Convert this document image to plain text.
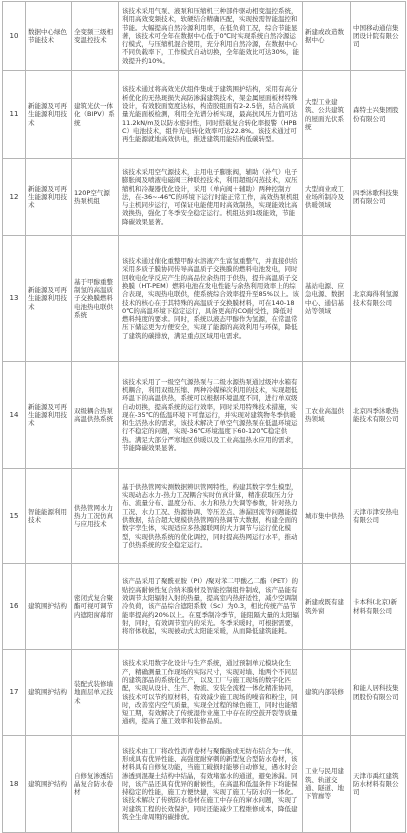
10	数据中心绿色节能技术	全变频三级相变温控技术	该技术采用气泵、液泵和压缩机三种部件驱动相变温控系统，利用高效变频技术，软硬结合精确匹配，实现按需智能温控和节能。大幅提高自然冷源利用率，在低负荷工况，综合节能显著，该技术可全年在数据中心低于0℃时实现系统自然冷源运行模式，与压缩机混合使用，充分利用自然冷源，在数据中心不同负载率下，工作模式自动切换，全年能效比可达30%，能效提升约10%。	新建或改造数据中心	中国移动通信集团设计院有限公司
11	新能源及可再生能源利用技术	建筑光伏一体化（BIPV）系统	该技术通过将高效光伏组件集成于建筑围护结构，采用有高分析优化的无热斑损失高防渗漏建筑技术，架金属屋面板材特殊设计，有效胶面宽度达标，构造胶组面有2-2.5倍，结合高质量光能面板检测，利用全光谱分析实现，最高抗风压力值可达11.2kN/m及以防水密封性，同时搭载复合转化率报警（HPBC）电池技术，组件光电转化效率可达22.8%。该技术通过可再生能源就地高效供电，推进建筑用能结构低碳转型。	大型工业建筑、公共建筑的屋面光伏系统	森特士兴集团股份有限公司
12	新能源及可再生能源利用技术	120P空气源热泵机组	该技术采用空气源技术，主用电子膨胀阀，辅助（补气）电子膨胀阀及喷液电磁阀三种联控技术，利用超级闪蒸技术，双压缩机和冷凝器优化设计，采用（单向阀＋辅助）两种控制方法，在-36~-46℃的环境下运行时能正常工作，高效热泵机组与主机同步运行，可保证电能使用时高效制热，实现能效比高效换热，强化了冬季安全稳定运行。机组达到1级能效，节能降碳效果显著。	大型商业或工业场所制冷及供暖领域	四季沐歌科技集团有限公司
13	新能源及可再生能源利用技术	基于甲醇重整制氢的高温质子交换膜燃料电池热电联供系统	该技术通过催化重整甲醇水溶液产生富氢重整气，并直接供给采用多质子膜协同传导高温质子交换膜的燃料电池发电，同时回收电化学反应产生的高品位余热用于供热，提升高温质子交换膜（HT-PEM）燃料电池在发电性能与余热利用效率上的综合表现，实现热电联供，使系统综合效率提升至85%以上。该技术的核心在于其特殊的高温质子交换膜材料，可在140-180℃的高温环境下稳定运行，具备更高的CO耐受性，降低对燃料纯度的要求。同时，系统以液态甲醇作为氢源，在常温常压下储运更为方便安全，实现了能源的高效利用与环保，降低了建筑的碳排放，满足重点区域用电需求。	基站电源、应急电源、数据中心、通信基站等领域	北京海得利氢源技术有限公司
14	新能源及可再生能源利用技术	双级耦合热泵高温供热系统	该技术采用了一级空气源热泵与二级水源热泵通过级冲水箱有机耦合，利用双级压缩、两种冷媒梯次利用的技术，实现超低环温下的高温供热，系统可以根据环境温度不同，进行单双级自动切换，提高系统的运行效率，同时采用特殊技术措施，实现在-35℃的低温环境下可靠运行，并实现对建筑物冬季供暖和生活热水的需求，该技术解决了单空气源热泵在低温环境运行不稳定的问题，实现-36℃环境温度下60-120℃稳定供热。满足大部分严寒地区供暖以及工业高温热水应用的需求，节能降碳效果显著。	工农业高温供热领域	北京四季沐歌热能技术有限公司
15	智能能源利用技术	供热管网水力热力工况仿真与应用技术	基于供热管网实测数据辨识管网特性，构建其数字孪生模型，实现动态水力-热力工况耦合实时仿真计算，精准获取压力分布、流量分布、温度分布、水力和热力失调等参数，针对热力工况、水力工况、热源协调、等压差点、渗漏回流等问题能提供数据，结合超大规模供热管网的热调节大数据，构建全面的数字孪生体，实现适应多热源联网的大力调节与运行优化模型，实现供热系统的优化调控，同时提高热网运行水平，推动了供热系统的安全稳定运行。	城市集中供热	天津市津安热电有限公司
16	建筑围护结构	密闭式复合聚酯可视可调节内遮阳窗幕帘	该产品采用了聚酰亚胺（PI）/聚对苯二甲酸乙二酯（PET）的贴控高耐候性复合纳米膜材及智能控制组件制成，该产品能有效调节太阳辐射入射的热量，提高室内热舒适性，减少空调制冷负荷，该产品综合遮阳系数（Sc）为0.3，相比传统产品节能率提高约20%以上。在夏季制冷季节，能阻隔大量的太阳辐射，同时，有效调节室内的采光。冬季采暖时，可根据需要，将帘体收起，实现被动式太阳能采暖，从而降低建筑能耗。	新建或既有建筑外窗	卡本科(北京)新材料有限公司
17	建筑围护结构	装配式装修墙地面层单元技术	该技术采用数字化设计与生产系统，通过预制单元模块化生产，精确测量工作现场的实际尺寸，实现对墙、地两个不同层的建筑部品的系统化生产，以及工厂与施工现场的数字化匹配，实现从设计、生产、物流、安装全流程一体化精准协同，该技术可以节约原材料，有效减少施工现场的噪音和粉尘，同时，改善室内空气质量，实现全过程的绿色施工，同时也能缩短工期，有效解决了传统湿作业施工中存在的空鼓开裂等质量通病，提高了施工效率和装修品质。	建筑内部装修	和能人居科技集团股份有限公司
18	建筑围护结构	自修复渗透结晶复合防水卷材	该技术由工厂将改性沥青卷材与聚酯胎或无纺布结合为一体，形成具有优异性能、高强度耐穿刺的新型复合型防水卷材，该材料具有自修复功能，当施工破损时能够自动修复，遇水时会渗透到混凝土结构中结晶，有效堵塞水的通道，避免渗漏。同时，该产品还具有优异的耐候性，在高温和低温条件下均能保持稳定的性能，施工方便快捷，实现了施工与防水的一体化。该技术解决了传统防水卷材在施工中存在的窜水问题，实现了对建筑工程的长效保护，同时还能减少工程维修成本，降低建筑全生命周期的碳排放。	工业与民用建筑、轨道交通、隧道、地下管廊等	天津市禹红建筑防水材料有限公司
